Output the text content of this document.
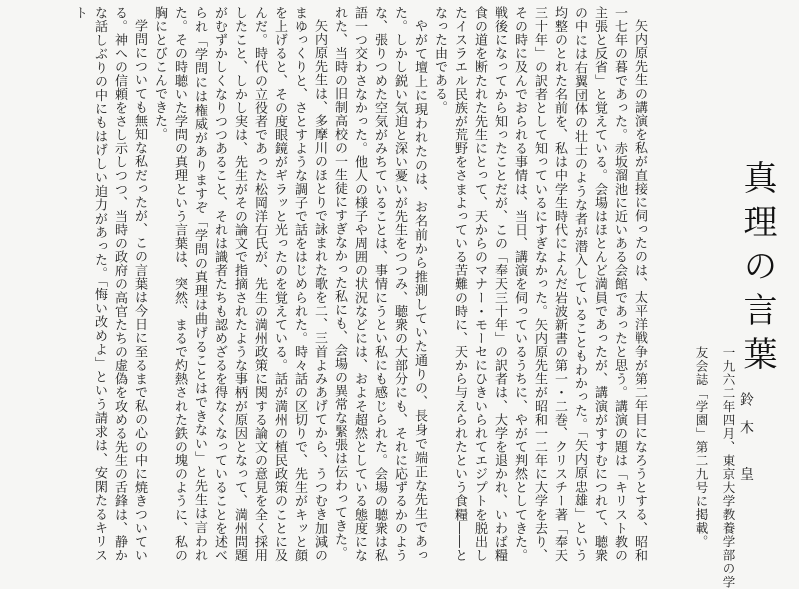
真理の言葉
鈴木 皇
一九六二年四月、東京大学教養学部の学
友会誌「学園」第二九号に掲載。

矢内原先生の講演を私が直接に伺ったのは、太平洋戦争が第二年目になろうとする、昭和一七年の暮であった。赤坂溜池に近いある会館であったと思う。講演の題は「キリスト教の主張と反省」と覚えている。会場はほとんど満員であったが、講演がすすむにつれて、聴衆の中には右翼団体の壮士のような者が潜入していることもわかった。「矢内原忠雄」という均整のとれた名前を、私は中学生時代によんだ岩波新書の第一・二巻、クリスチー著「奉天三十年」の訳者として知っているにすぎなかった。矢内原先生が昭和一二年に大学を去り、その時に及んでおられる事情は、当日、講演を伺っているうちに、やがて判然としてきた。戦後になってから知ったことだが、この「奉天三十年」の訳者は、大学を退かれ、いわば糧食の道を断たれた先生にとって、天からのマナー・モーセにひきいられてエジプトを脱出したイスラエル民族が荒野をさまよっている苦難の時に、天から与えられたという食糧――となった由である。

やがて壇上に現われたのは、お名前から推測していた通りの、長身で端正な先生であった。しかし鋭い気迫と深い憂いが先生をつつみ、聴衆の大部分にも、それに応ずるかのような、張りつめた空気がみちていることは、事情にうとい私にも感じられた。会場の聴衆は私語一つ交わさなかった。他人の様子や周囲の状況などには、およそ超然としている態度になれた、当時の旧制高校の一生徒にすぎなかった私にも、会場の異常な緊張は伝わってきた。

矢内原先生は、多摩川のほとりで詠まれた歌を二、三首よみあげてから、うつむき加減のまゆっくりと、さとすような調子で話をはじめられた。時々話の区切りで、先生がキッと顔を上げると、その度眼鏡がギラッと光ったのを覚えている。話が満州の植民政策のことに及んだ。時代の立役者であった松岡洋右氏が、先生の満州政策に関する論文の意見を全く採用したこと、しかし実は、先生がその論文で指摘されたような事柄が原因となって、満州問題がむずかしくなりつつあること、それは識者たちも認めざるを得なくなっていることを述べられ「学問には権威がありますぞ「学問の真理は曲げることはできない」と先生は言われた。その時聴いた学問の真理という言葉は、突然、まるで灼熱された鉄の塊のように、私の胸にとびこんできた。

学問についても無知な私だったが、この言葉は今日に至るまで私の心の中に焼きついている。神への信頼をさし示しつつ、当時の政府の高官たちの虚偽を攻める先生の舌鋒は、静かな話しぶりの中にもはげしい迫力があった。「悔い改めよ」という請求は、安閑たるキリスト
